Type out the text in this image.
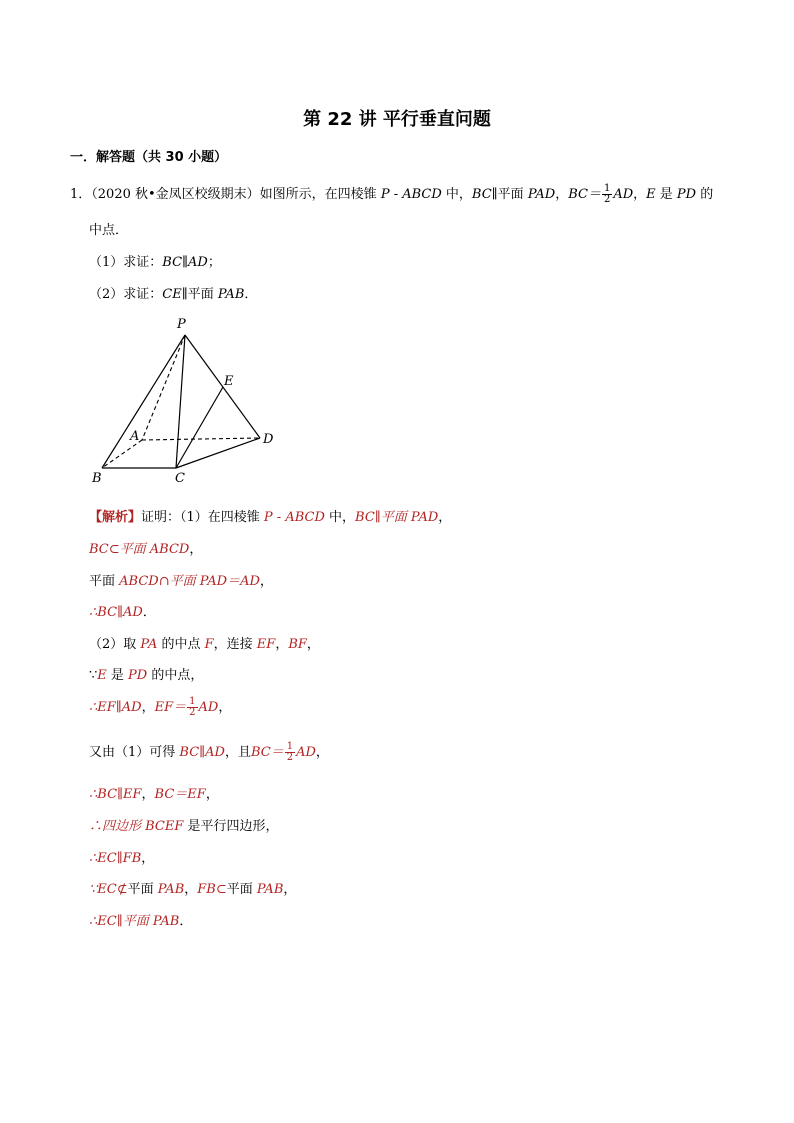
第 22 讲 平行垂直问题
一．解答题（共 30 小题）
1．（2020 秋•金凤区校级期末）如图所示，在四棱锥 P - ABCD 中，BC∥平面 PAD，$BC= \frac{1}{2}$ AD，E 是 PD 的
中点．
（1）求证：BC∥AD；
（2）求证：CE∥平面 PAB．
P
E
A	D
B	C
【解析】证明：（1）在四棱锥 P - ABCD 中，BC∥平面 PAD，
BC⊂平面 ABCD，
平面 ABCD∩平面 PAD＝AD，
∴BC∥AD．
（2）取 PA 的中点 F，连接 EF，BF，
∵E 是 PD 的中点，
∴EF∥AD，$EF= \frac{1}{2}$ AD，
又由（1）可得 BC∥AD，且$BC= \frac{1}{2}$ AD，
∴BC∥EF，BC＝EF，
∴四边形 BCEF 是平行四边形，
∴EC∥FB，
∵EC⊄平面 PAB，FB⊂平面 PAB，
∴EC∥平面 PAB．
